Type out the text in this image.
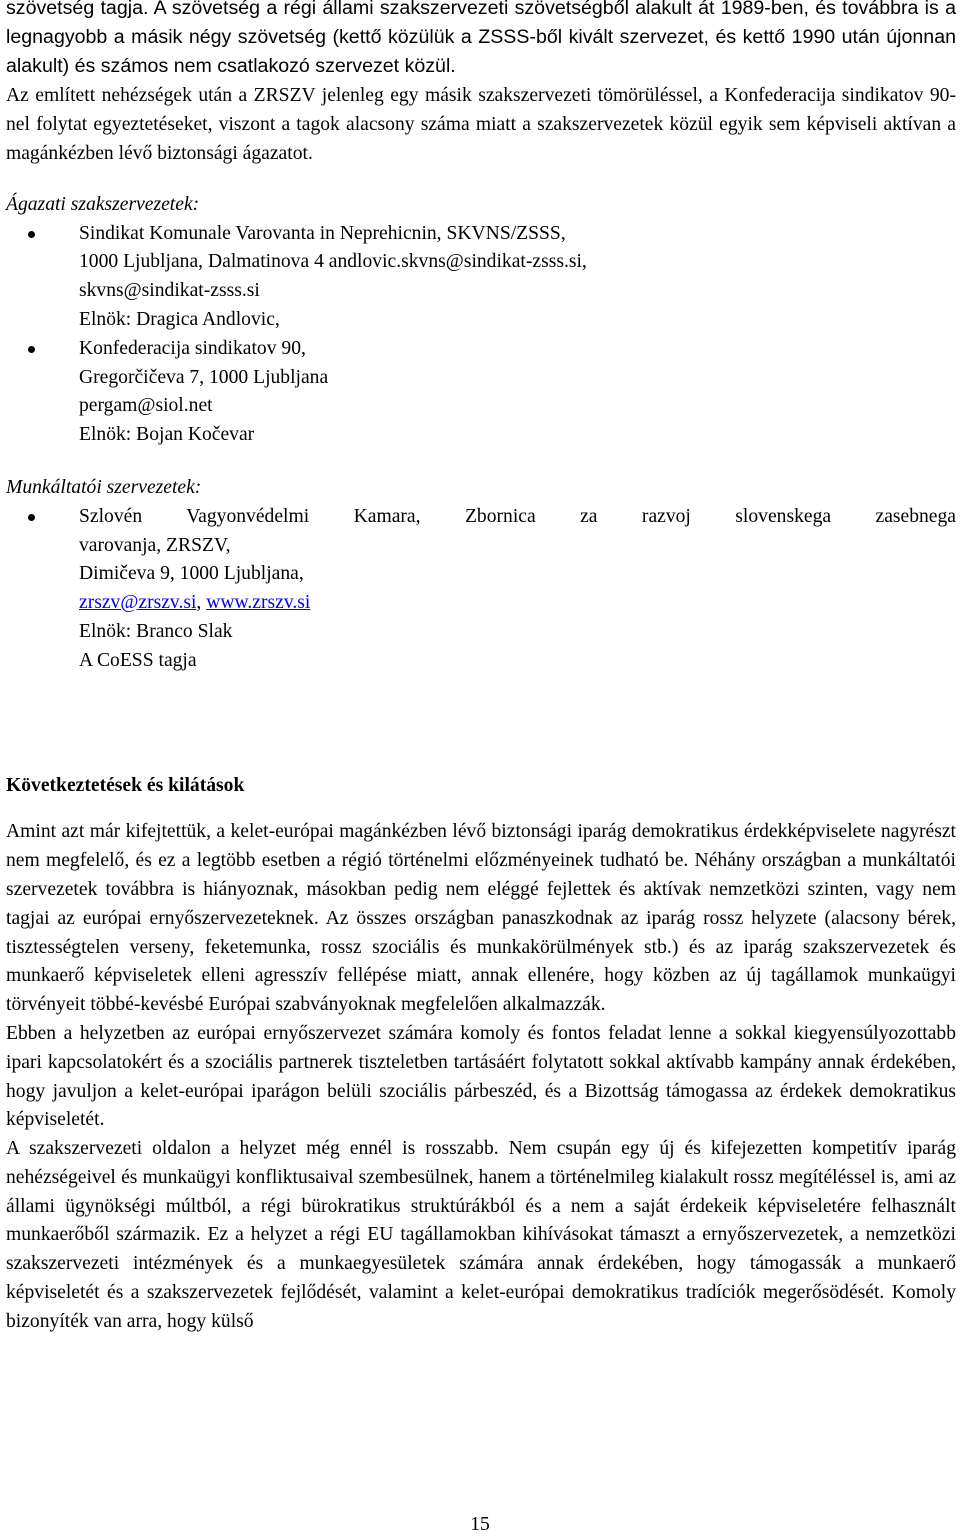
szövetség tagja. A szövetség a régi állami szakszervezeti szövetségből alakult át 1989-ben, és továbbra is a legnagyobb a másik négy szövetség (kettő közülük a ZSSS-ből kivált szervezet, és kettő 1990 után újonnan alakult) és számos nem csatlakozó szervezet közül.

Az említett nehézségek után a ZRSZV jelenleg egy másik szakszervezeti tömörüléssel, a Konfederacija sindikatov 90-nel folytat egyeztetéseket, viszont a tagok alacsony száma miatt a szakszervezetek közül egyik sem képviseli aktívan a magánkézben lévő biztonsági ágazatot.

Ágazati szakszervezetek:

Sindikat Komunale Varovanta in Neprehicnin, SKVNS/ZSSS,
1000 Ljubljana, Dalmatinova 4 andlovic.skvns@sindikat-zsss.si,
skvns@sindikat-zsss.si
Elnök: Dragica Andlovic,
Konfederacija sindikatov 90,
Gregorčičeva 7, 1000 Ljubljana
pergam@siol.net
Elnök: Bojan Kočevar

Munkáltatói szervezetek:

Szlovén Vagyonvédelmi Kamara, Zbornica za razvoj slovenskega zasebnega
varovanja, ZRSZV,
Dimičeva 9, 1000 Ljubljana,
zrszv@zrszv.si, www.zrszv.si
Elnök: Branco Slak
A CoESS tagja

Következtetések és kilátások

Amint azt már kifejtettük, a kelet-európai magánkézben lévő biztonsági iparág demokratikus érdekképviselete nagyrészt nem megfelelő, és ez a legtöbb esetben a régió történelmi előzményeinek tudható be. Néhány országban a munkáltatói szervezetek továbbra is hiányoznak, másokban pedig nem eléggé fejlettek és aktívak nemzetközi szinten, vagy nem tagjai az európai ernyőszervezeteknek. Az összes országban panaszkodnak az iparág rossz helyzete (alacsony bérek, tisztességtelen verseny, feketemunka, rossz szociális és munkakörülmények stb.) és az iparág szakszervezetek és munkaerő képviseletek elleni agresszív fellépése miatt, annak ellenére, hogy közben az új tagállamok munkaügyi törvényeit többé-kevésbé Európai szabványoknak megfelelően alkalmazzák.

Ebben a helyzetben az európai ernyőszervezet számára komoly és fontos feladat lenne a sokkal kiegyensúlyozottabb ipari kapcsolatokért és a szociális partnerek tiszteletben tartásáért folytatott sokkal aktívabb kampány annak érdekében, hogy javuljon a kelet-európai iparágon belüli szociális párbeszéd, és a Bizottság támogassa az érdekek demokratikus képviseletét.

A szakszervezeti oldalon a helyzet még ennél is rosszabb. Nem csupán egy új és kifejezetten kompetitív iparág nehézségeivel és munkaügyi konfliktusaival szembesülnek, hanem a történelmileg kialakult rossz megítéléssel is, ami az állami ügynökségi múltból, a régi bürokratikus struktúrákból és a nem a saját érdekeik képviseletére felhasznált munkaerőből származik. Ez a helyzet a régi EU tagállamokban kihívásokat támaszt a ernyőszervezetek, a nemzetközi szakszervezeti intézmények és a munkaegyesületek számára annak érdekében, hogy támogassák a munkaerő képviseletét és a szakszervezetek fejlődését, valamint a kelet-európai demokratikus tradíciók megerősödését. Komoly bizonyíték van arra, hogy külső

15
